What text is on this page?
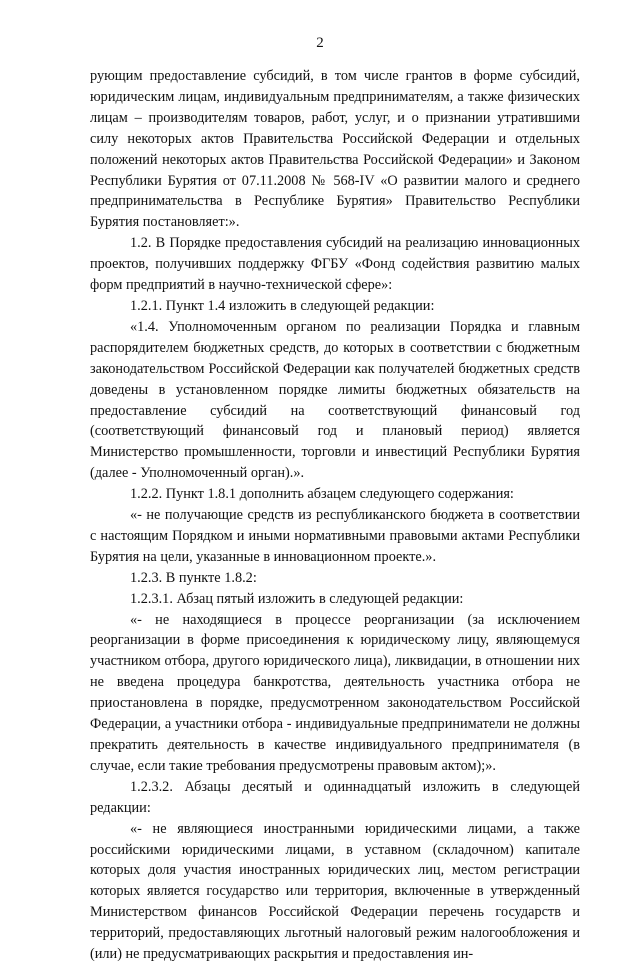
2

рующим предоставление субсидий, в том числе грантов в форме субсидий, юридическим лицам, индивидуальным предпринимателям, а также физических лицам – производителям товаров, работ, услуг, и о признании утратившими силу некоторых актов Правительства Российской Федерации и отдельных положений некоторых актов Правительства Российской Федерации» и Законом Республики Бурятия от 07.11.2008 № 568-IV «О развитии малого и среднего предпринимательства в Республике Бурятия» Правительство Республики Бурятия постановляет:».

1.2. В Порядке предоставления субсидий на реализацию инновационных проектов, получивших поддержку ФГБУ «Фонд содействия развитию малых форм предприятий в научно-технической сфере»:

1.2.1. Пункт 1.4 изложить в следующей редакции:

«1.4. Уполномоченным органом по реализации Порядка и главным распорядителем бюджетных средств, до которых в соответствии с бюджетным законодательством Российской Федерации как получателей бюджетных средств доведены в установленном порядке лимиты бюджетных обязательств на предоставление субсидий на соответствующий финансовый год (соответствующий финансовый год и плановый период) является Министерство промышленности, торговли и инвестиций Республики Бурятия (далее - Уполномоченный орган).».

1.2.2. Пункт 1.8.1 дополнить абзацем следующего содержания:

«- не получающие средств из республиканского бюджета в соответствии с настоящим Порядком и иными нормативными правовыми актами Республики Бурятия на цели, указанные в инновационном проекте.».

1.2.3. В пункте 1.8.2:

1.2.3.1. Абзац пятый изложить в следующей редакции:

«- не находящиеся в процессе реорганизации (за исключением реорганизации в форме присоединения к юридическому лицу, являющемуся участником отбора, другого юридического лица), ликвидации, в отношении них не введена процедура банкротства, деятельность участника отбора не приостановлена в порядке, предусмотренном законодательством Российской Федерации, а участники отбора - индивидуальные предприниматели не должны прекратить деятельность в качестве индивидуального предпринимателя (в случае, если такие требования предусмотрены правовым актом);».

1.2.3.2. Абзацы десятый и одиннадцатый изложить в следующей редакции:

«- не являющиеся иностранными юридическими лицами, а также российскими юридическими лицами, в уставном (складочном) капитале которых доля участия иностранных юридических лиц, местом регистрации которых является государство или территория, включенные в утвержденный Министерством финансов Российской Федерации перечень государств и территорий, предоставляющих льготный налоговый режим налогообложения и (или) не предусматривающих раскрытия и предоставления ин-
